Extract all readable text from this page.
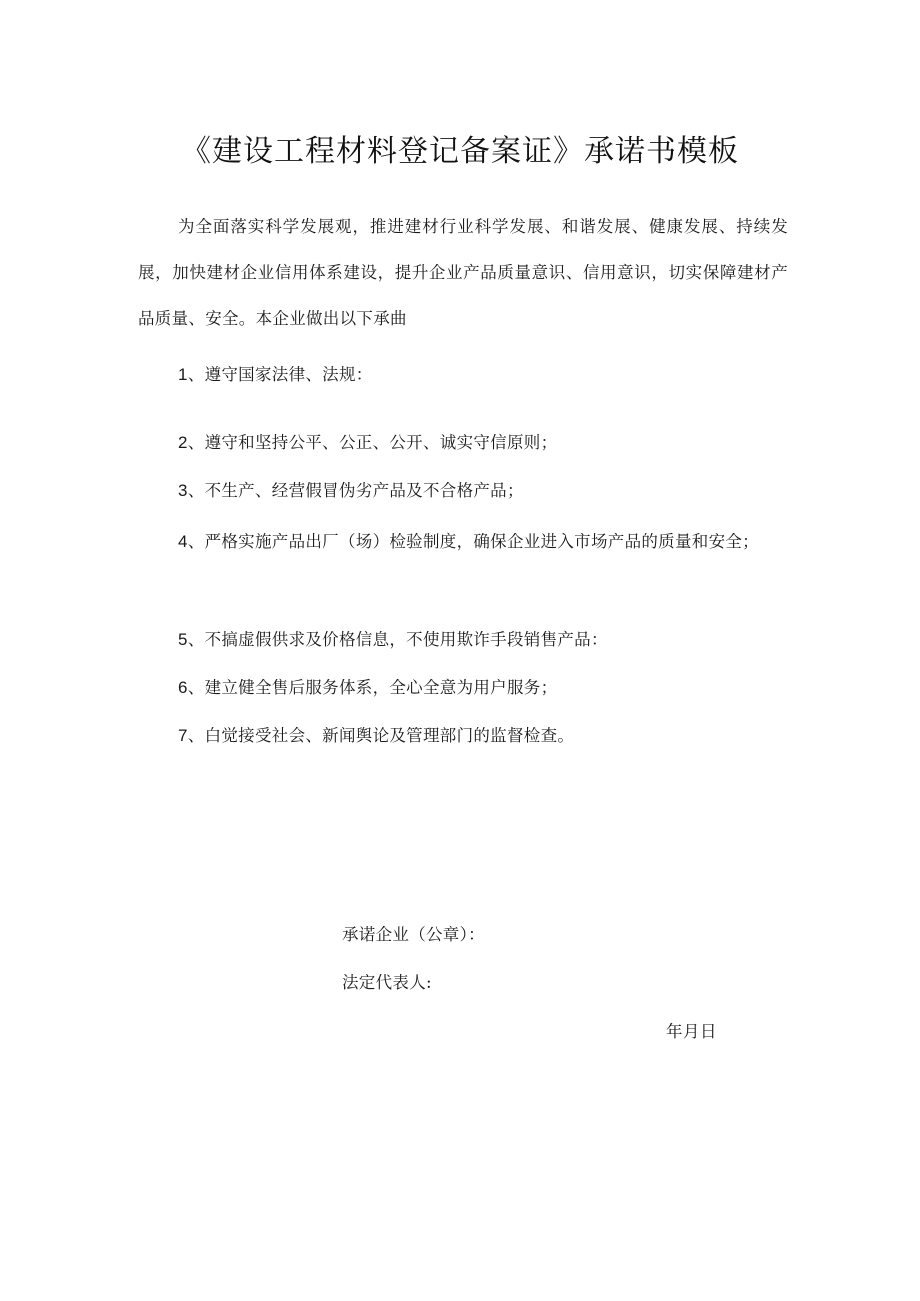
《建设工程材料登记备案证》承诺书模板

为全面落实科学发展观，推进建材行业科学发展、和谐发展、健康发展、持续发展，加快建材企业信用体系建设，提升企业产品质量意识、信用意识，切实保障建材产品质量、安全。本企业做出以下承曲

1、遵守国家法律、法规：

2、遵守和坚持公平、公正、公开、诚实守信原则；

3、不生产、经营假冒伪劣产品及不合格产品；

4、严格实施产品出厂（场）检验制度，确保企业进入市场产品的质量和安全；

5、不搞虚假供求及价格信息，不使用欺诈手段销售产品：

6、建立健全售后服务体系，全心全意为用户服务；

7、白觉接受社会、新闻舆论及管理部门的监督检查。

承诺企业（公章）：
法定代表人:
年月日
